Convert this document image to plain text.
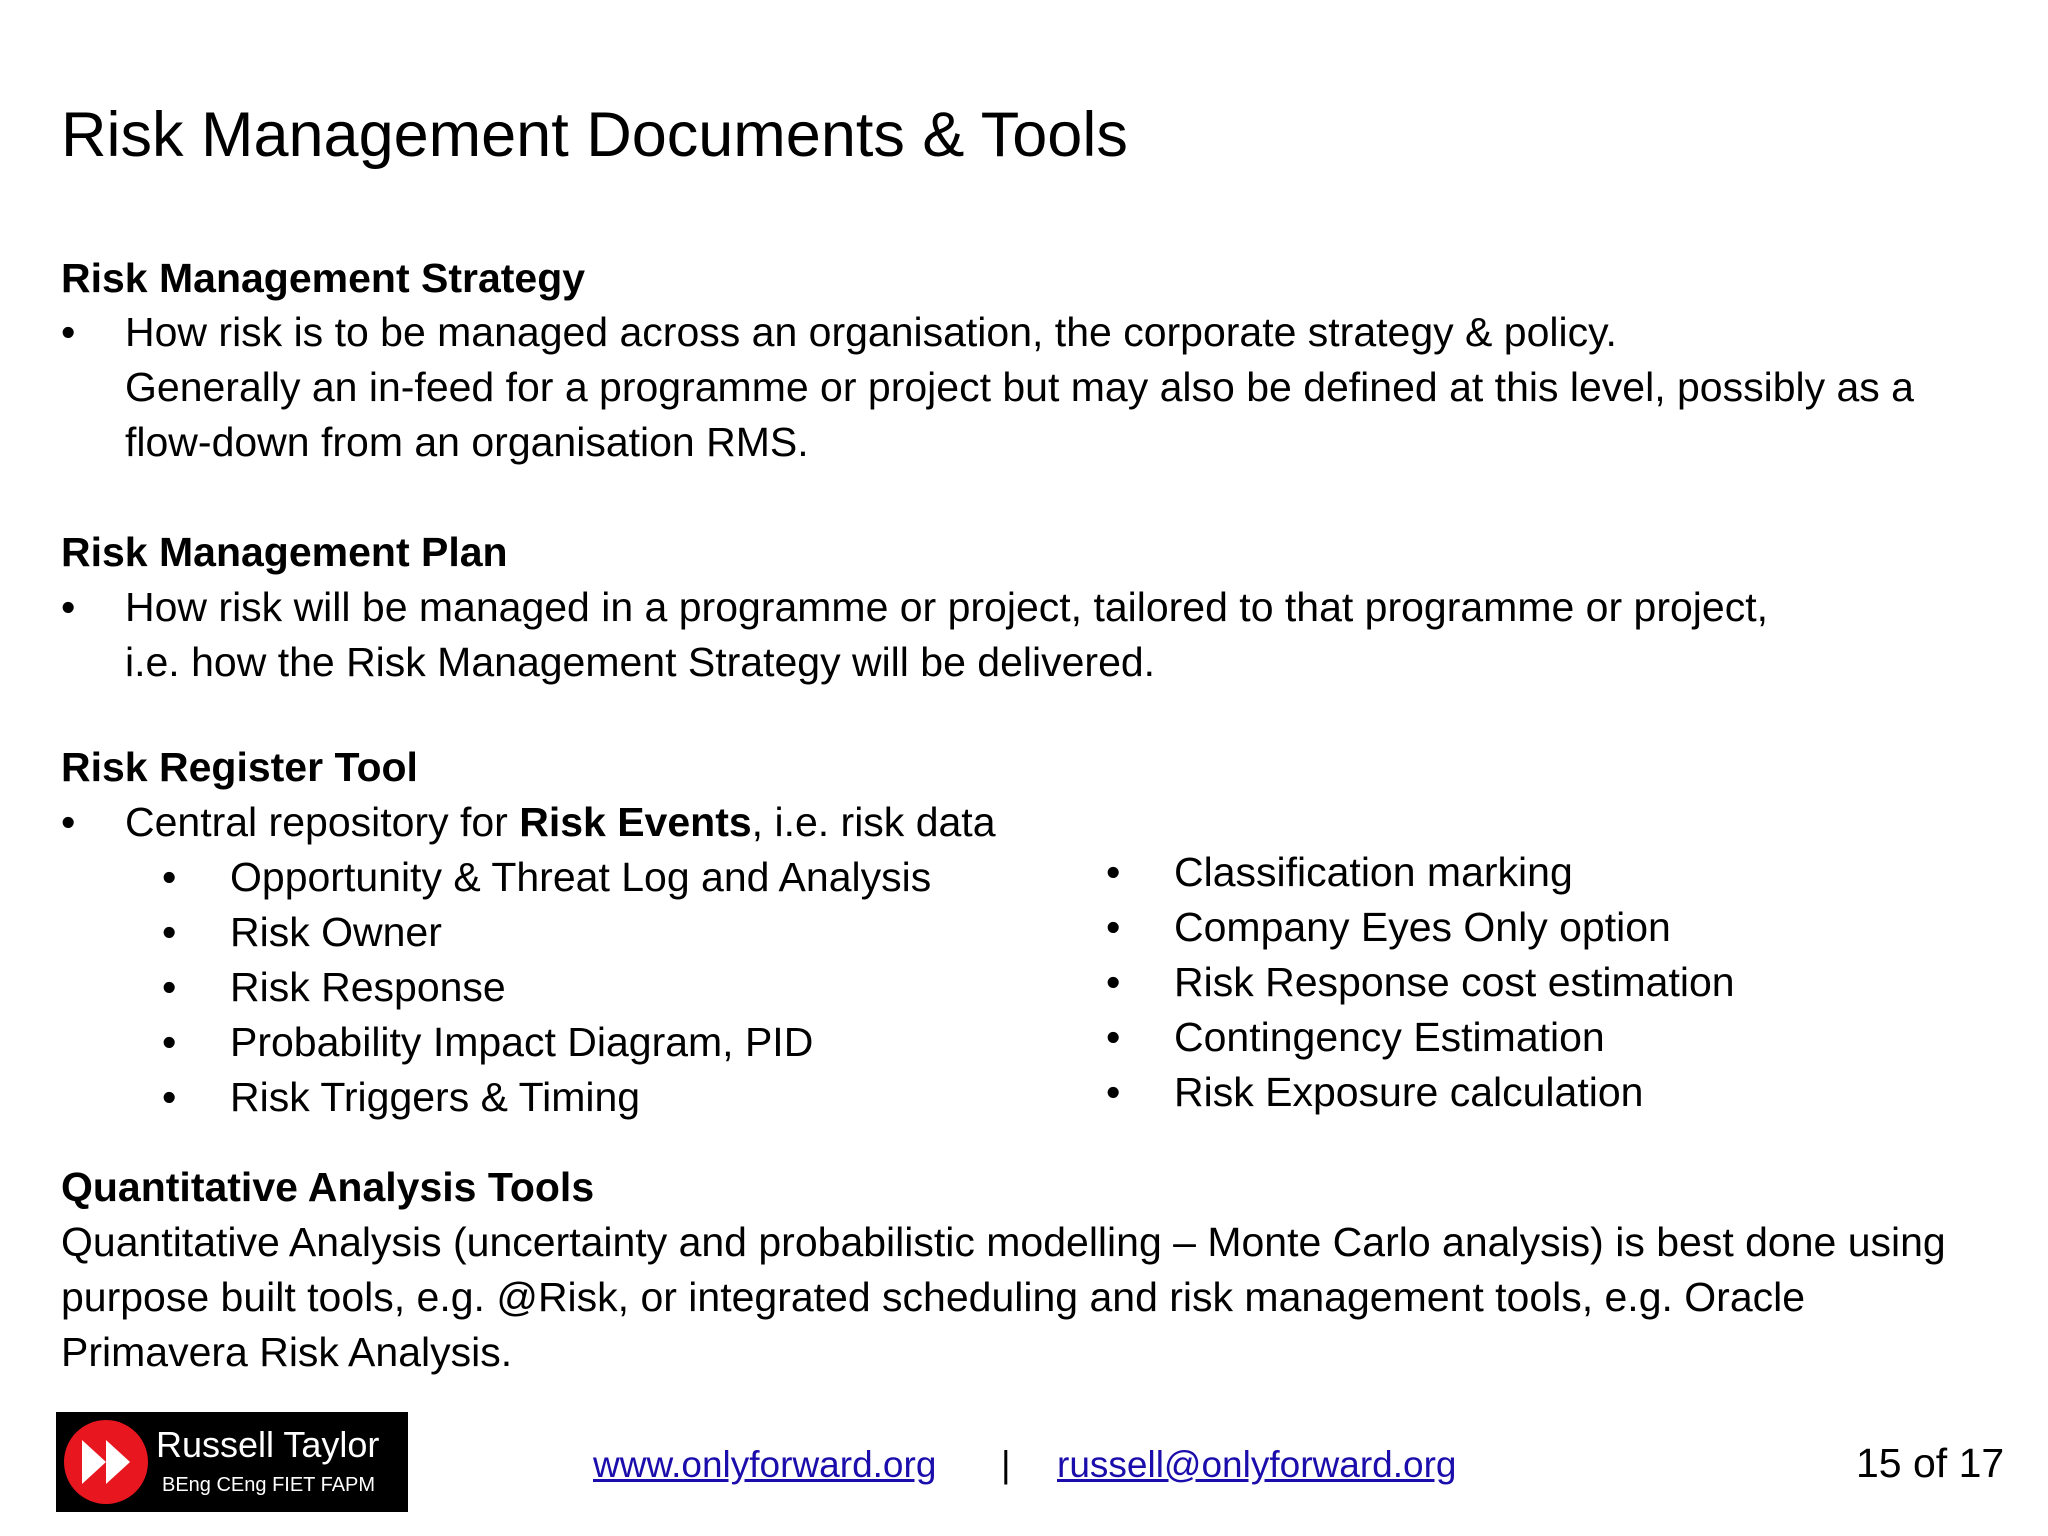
Risk Management Documents & Tools
Risk Management Strategy
• How risk is to be managed across an organisation, the corporate strategy & policy.
Generally an in-feed for a programme or project but may also be defined at this level, possibly as a
flow-down from an organisation RMS.
Risk Management Plan
• How risk will be managed in a programme or project, tailored to that programme or project,
i.e. how the Risk Management Strategy will be delivered.
Risk Register Tool
• Central repository for Risk Events, i.e. risk data
• Opportunity & Threat Log and Analysis
• Risk Owner
• Risk Response
• Probability Impact Diagram, PID
• Risk Triggers & Timing
• Classification marking
• Company Eyes Only option
• Risk Response cost estimation
• Contingency Estimation
• Risk Exposure calculation
Quantitative Analysis Tools
Quantitative Analysis (uncertainty and probabilistic modelling – Monte Carlo analysis) is best done using
purpose built tools, e.g. @Risk, or integrated scheduling and risk management tools, e.g. Oracle
Primavera Risk Analysis.
Russell Taylor
BEng CEng FIET FAPM	www.onlyforward.org | russell@onlyforward.org	15 of 17
